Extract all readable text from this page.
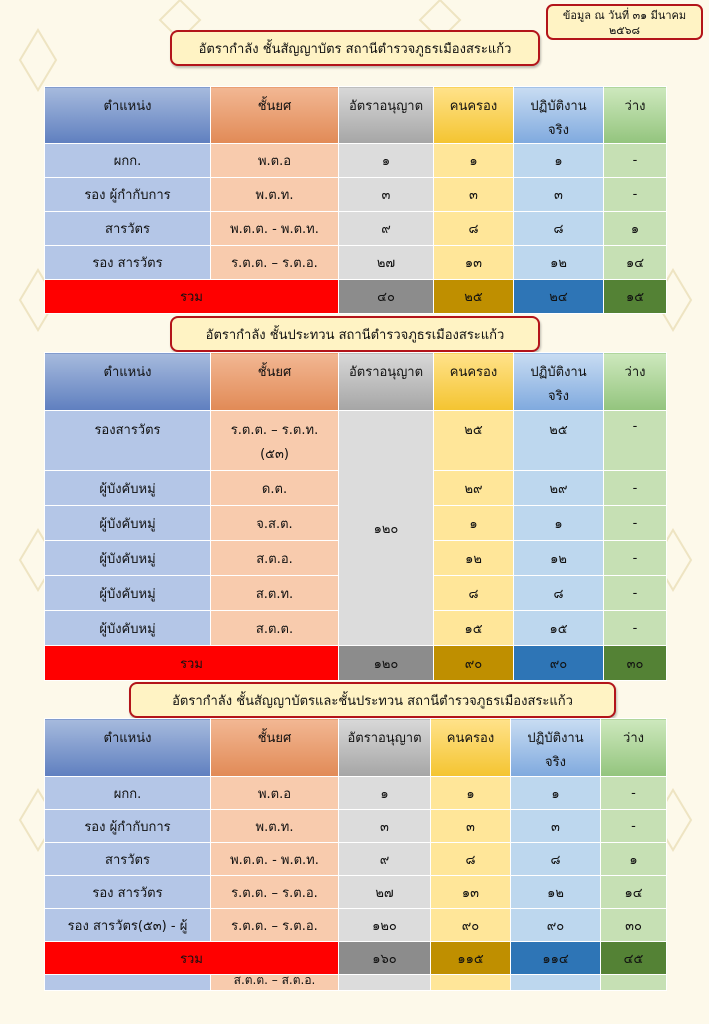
ข้อมูล ณ วันที่ ๓๑ มีนาคม
๒๕๖๘
อัตรากำลัง ชั้นสัญญาบัตร สถานีตำรวจภูธรเมืองสระแก้ว
ตำแหน่ง	ชั้นยศ	อัตราอนุญาต	คนครอง	ปฏิบัติงาน
จริง	ว่าง
ผกก.	พ.ต.อ	๑	๑	๑	-
รอง ผู้กำกับการ	พ.ต.ท.	๓	๓	๓	-
สารวัตร	พ.ต.ต. - พ.ต.ท.	๙	๘	๘	๑
รอง สารวัตร	ร.ต.ต. – ร.ต.อ.	๒๗	๑๓	๑๒	๑๔
รวม		๔๐	๒๕	๒๔	๑๕
อัตรากำลัง ชั้นประทวน สถานีตำรวจภูธรเมืองสระแก้ว
ตำแหน่ง	ชั้นยศ	อัตราอนุญาต	คนครอง	ปฏิบัติงาน
จริง	ว่าง
รองสารวัตร	ร.ต.ต. – ร.ต.ท.
(๕๓)	๑๒๐	๒๕	๒๕	-
ผู้บังคับหมู่	ด.ต.		๒๙	๒๙	-
ผู้บังคับหมู่	จ.ส.ต.		๑	๑	-
ผู้บังคับหมู่	ส.ต.อ.		๑๒	๑๒	-
ผู้บังคับหมู่	ส.ต.ท.		๘	๘	-
ผู้บังคับหมู่	ส.ต.ต.		๑๕	๑๕	-
รวม		๑๒๐	๙๐	๙๐	๓๐
อัตรากำลัง ชั้นสัญญาบัตรและชั้นประทวน สถานีตำรวจภูธรเมืองสระแก้ว
ตำแหน่ง	ชั้นยศ	อัตราอนุญาต	คนครอง	ปฏิบัติงาน
จริง	ว่าง
ผกก.	พ.ต.อ	๑	๑	๑	-
รอง ผู้กำกับการ	พ.ต.ท.	๓	๓	๓	-
สารวัตร	พ.ต.ต. - พ.ต.ท.	๙	๘	๘	๑
รอง สารวัตร	ร.ต.ต. – ร.ต.อ.	๒๗	๑๓	๑๒	๑๔
รอง สารวัตร(๕๓) - ผู้	ร.ต.ต. – ร.ต.อ.	๑๒๐	๙๐	๙๐	๓๐
รวม		๑๖๐	๑๑๕	๑๑๔	๔๕
	ส.ต.ต. – ส.ต.อ.				
